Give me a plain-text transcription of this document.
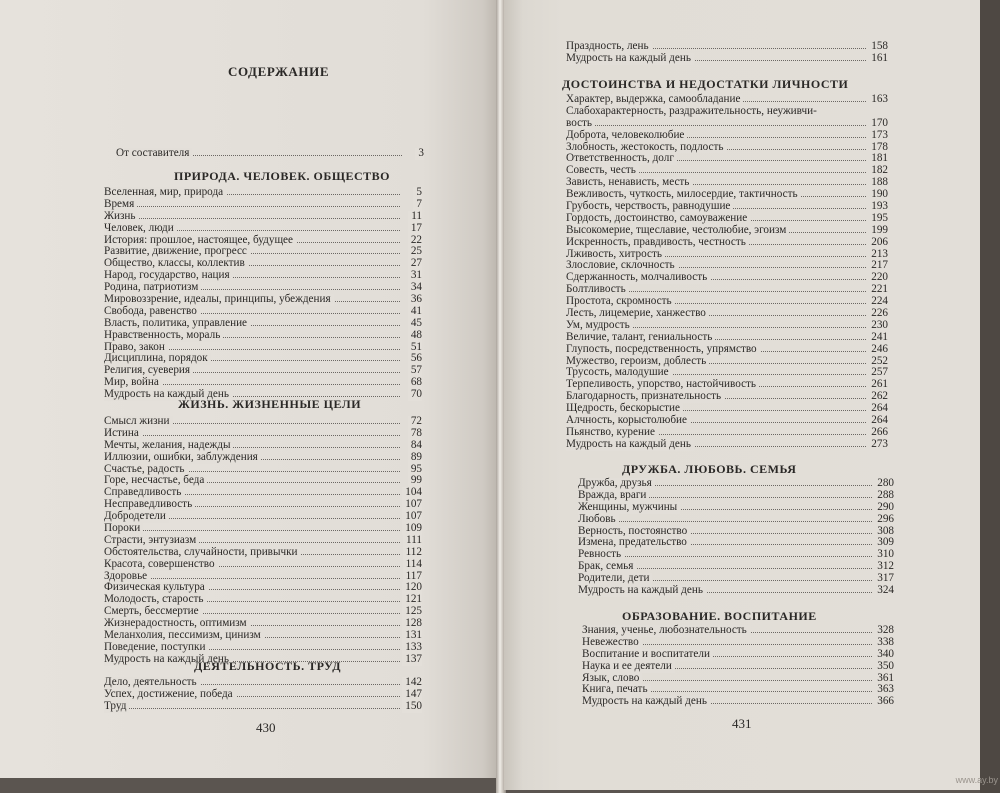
СОДЕРЖАНИЕ
От составителя	3
ПРИРОДА. ЧЕЛОВЕК. ОБЩЕСТВО
Вселенная, мир, природа	5
Время	7
Жизнь	11
Человек, люди	17
История: прошлое, настоящее, будущее	22
Развитие, движение, прогресс	25
Общество, классы, коллектив	27
Народ, государство, нация	31
Родина, патриотизм	34
Мировоззрение, идеалы, принципы, убеждения	36
Свобода, равенство	41
Власть, политика, управление	45
Нравственность, мораль	48
Право, закон	51
Дисциплина, порядок	56
Религия, суеверия	57
Мир, война	68
Мудрость на каждый день	70
ЖИЗНЬ. ЖИЗНЕННЫЕ ЦЕЛИ
Смысл жизни	72
Истина	78
Мечты, желания, надежды	84
Иллюзии, ошибки, заблуждения	89
Счастье, радость	95
Горе, несчастье, беда	99
Справедливость	104
Несправедливость	107
Добродетели	107
Пороки	109
Страсти, энтузиазм	111
Обстоятельства, случайности, привычки	112
Красота, совершенство	114
Здоровье	117
Физическая культура	120
Молодость, старость	121
Смерть, бессмертие	125
Жизнерадостность, оптимизм	128
Меланхолия, пессимизм, цинизм	131
Поведение, поступки	133
Мудрость на каждый день	137
ДЕЯТЕЛЬНОСТЬ. ТРУД
Дело, деятельность	142
Успех, достижение, победа	147
Труд	150
430
Праздность, лень	158
Мудрость на каждый день	161
ДОСТОИНСТВА И НЕДОСТАТКИ ЛИЧНОСТИ
Характер, выдержка, самообладание	163
Слабохарактерность, раздражительность, неуживчи-
вость	170
Доброта, человеколюбие	173
Злобность, жестокость, подлость	178
Ответственность, долг	181
Совесть, честь	182
Зависть, ненависть, месть	188
Вежливость, чуткость, милосердие, тактичность	190
Грубость, черствость, равнодушие	193
Гордость, достоинство, самоуважение	195
Высокомерие, тщеславие, честолюбие, эгоизм	199
Искренность, правдивость, честность	206
Лживость, хитрость	213
Злословие, склочность	217
Сдержанность, молчаливость	220
Болтливость	221
Простота, скромность	224
Лесть, лицемерие, ханжество	226
Ум, мудрость	230
Величие, талант, гениальность	241
Глупость, посредственность, упрямство	246
Мужество, героизм, доблесть	252
Трусость, малодушие	257
Терпеливость, упорство, настойчивость	261
Благодарность, признательность	262
Щедрость, бескорыстие	264
Алчность, корыстолюбие	264
Пьянство, курение	266
Мудрость на каждый день	273
ДРУЖБА. ЛЮБОВЬ. СЕМЬЯ
Дружба, друзья	280
Вражда, враги	288
Женщины, мужчины	290
Любовь	296
Верность, постоянство	308
Измена, предательство	309
Ревность	310
Брак, семья	312
Родители, дети	317
Мудрость на каждый день	324
ОБРАЗОВАНИЕ. ВОСПИТАНИЕ
Знания, ученье, любознательность	328
Невежество	338
Воспитание и воспитатели	340
Наука и ее деятели	350
Язык, слово	361
Книга, печать	363
Мудрость на каждый день	366
431
www.ay.by
